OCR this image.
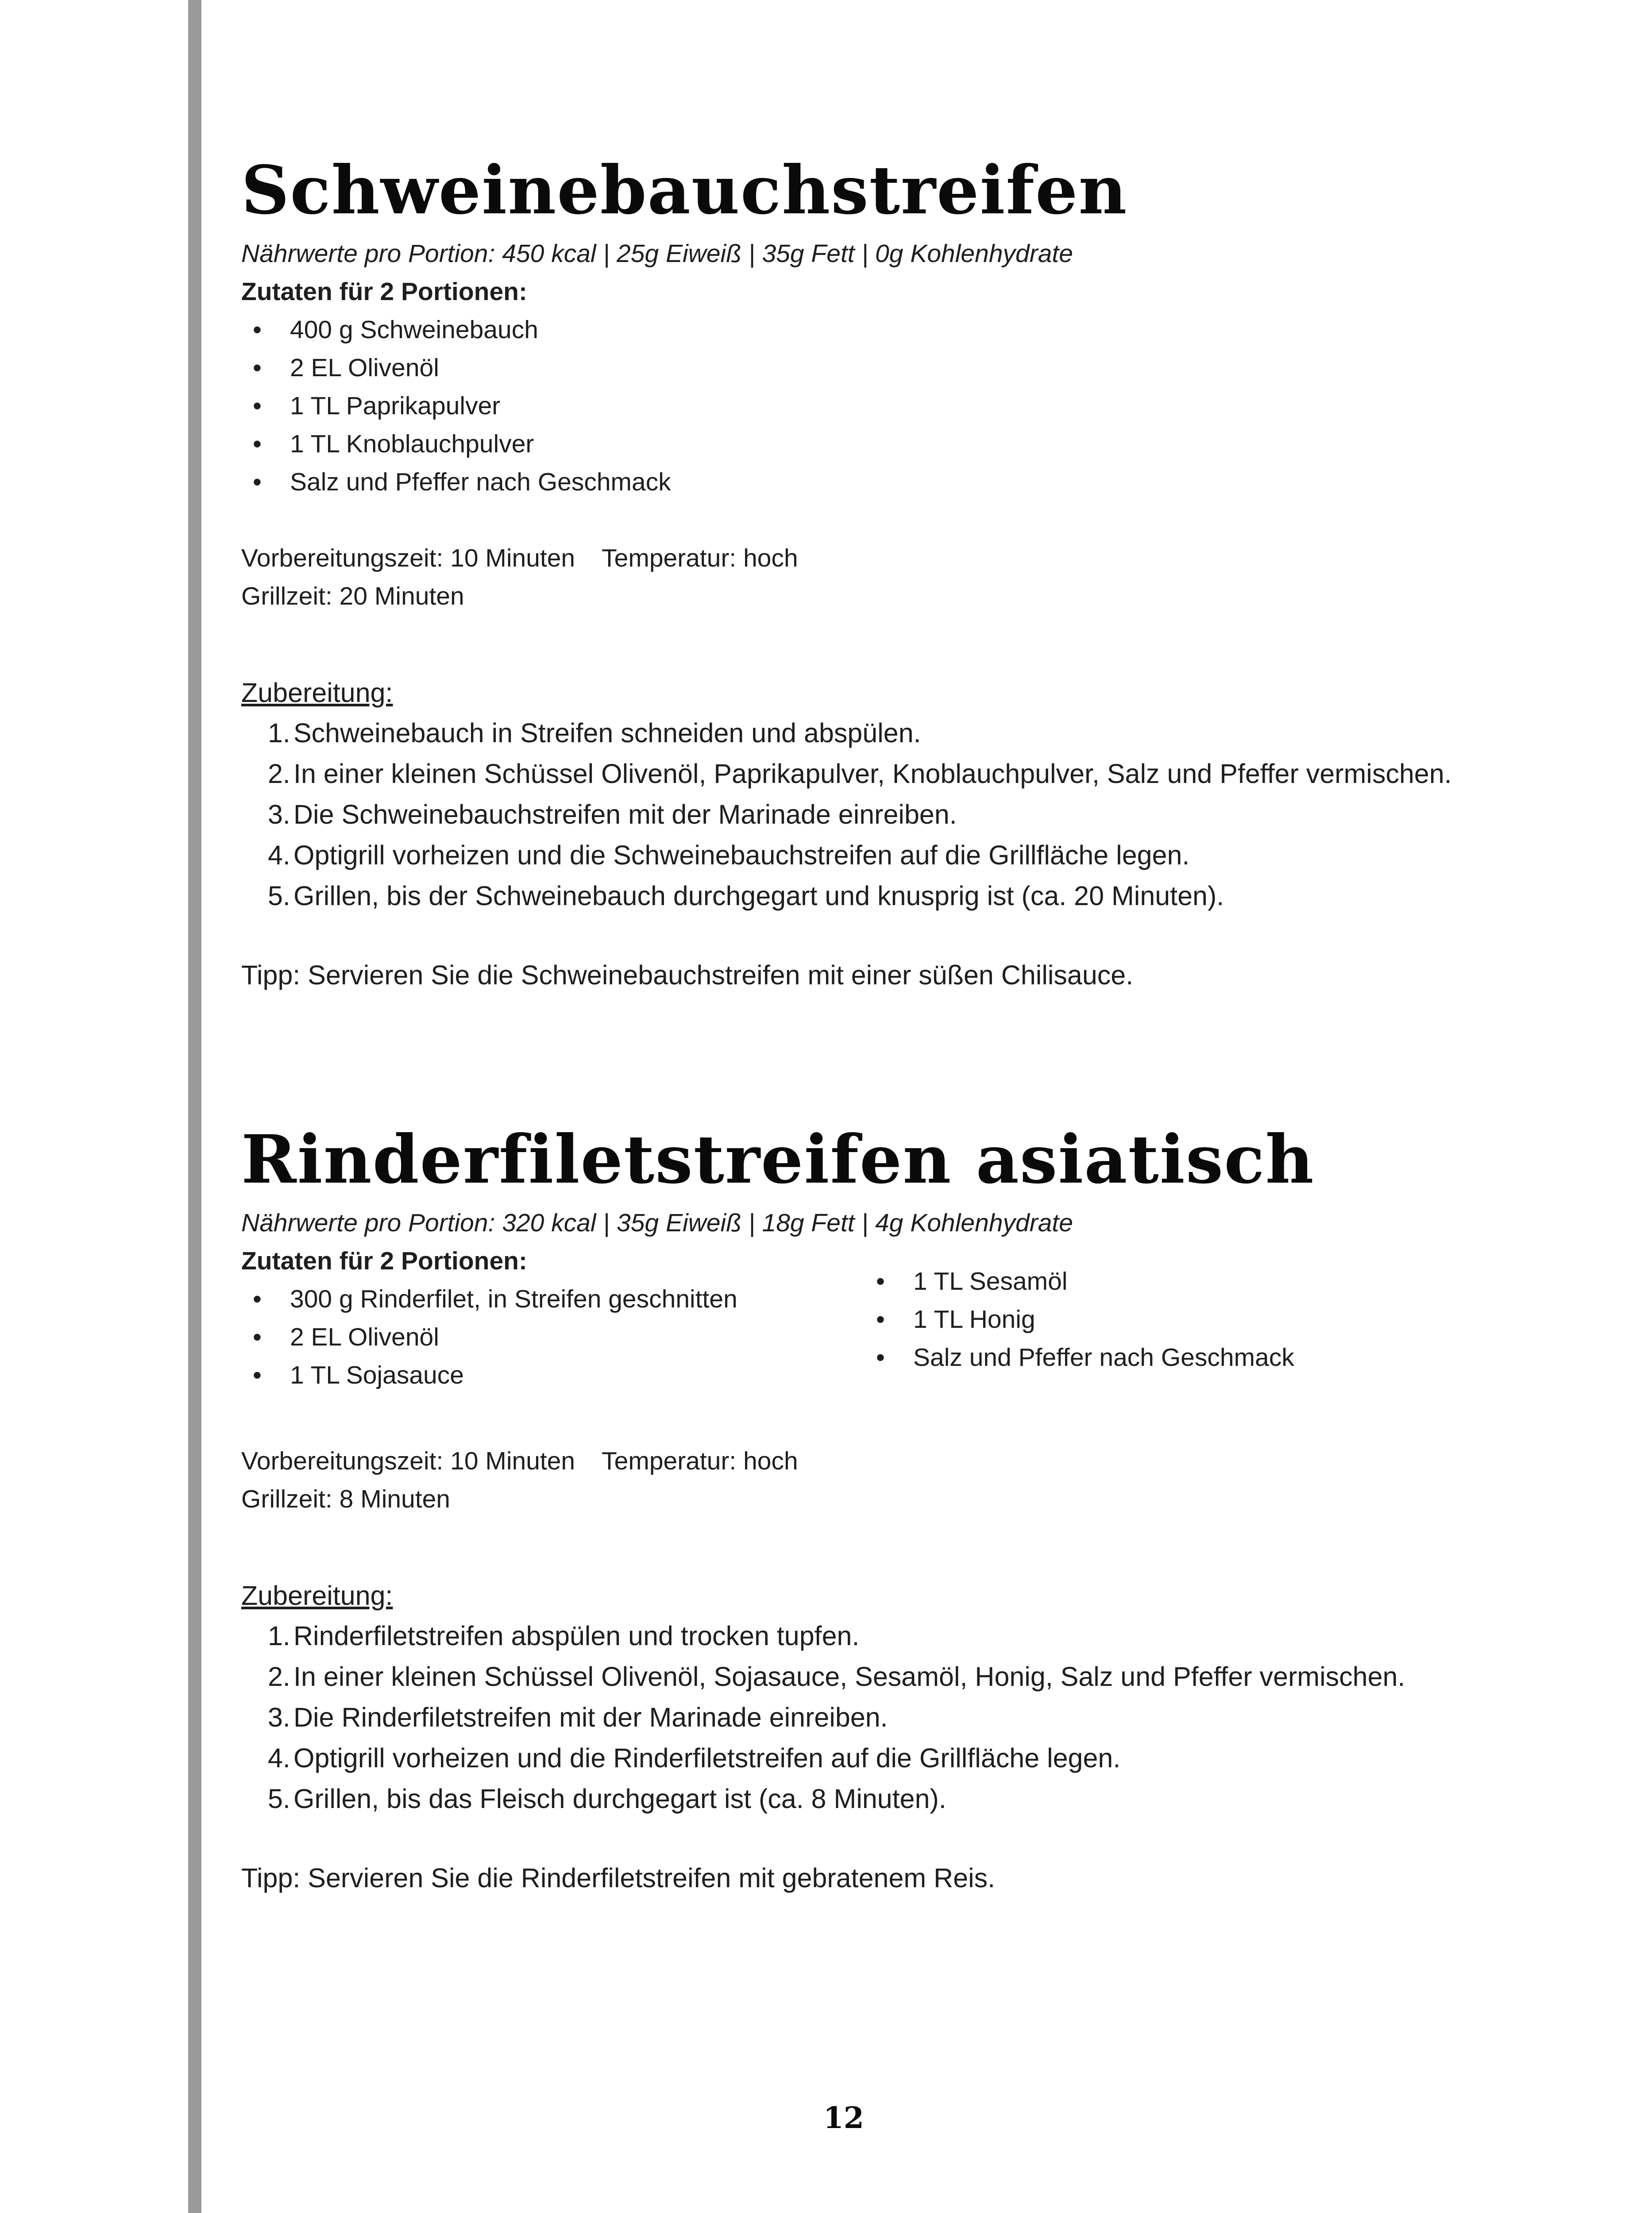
Schweinebauchstreifen
Nährwerte pro Portion: 450 kcal | 25g Eiweiß | 35g Fett | 0g Kohlenhydrate
Zutaten für 2 Portionen:
• 400 g Schweinebauch
• 2 EL Olivenöl
• 1 TL Paprikapulver
• 1 TL Knoblauchpulver
• Salz und Pfeffer nach Geschmack
Vorbereitungszeit: 10 Minuten Temperatur: hoch
Grillzeit: 20 Minuten
Zubereitung:
1. Schweinebauch in Streifen schneiden und abspülen.
2. In einer kleinen Schüssel Olivenöl, Paprikapulver, Knoblauchpulver, Salz und Pfeffer vermischen.
3. Die Schweinebauchstreifen mit der Marinade einreiben.
4. Optigrill vorheizen und die Schweinebauchstreifen auf die Grillfläche legen.
5. Grillen, bis der Schweinebauch durchgegart und knusprig ist (ca. 20 Minuten).
Tipp: Servieren Sie die Schweinebauchstreifen mit einer süßen Chilisauce.
Rinderfiletstreifen asiatisch
Nährwerte pro Portion: 320 kcal | 35g Eiweiß | 18g Fett | 4g Kohlenhydrate
Zutaten für 2 Portionen:
• 300 g Rinderfilet, in Streifen geschnitten
• 2 EL Olivenöl
• 1 TL Sojasauce
• 1 TL Sesamöl
• 1 TL Honig
• Salz und Pfeffer nach Geschmack
Vorbereitungszeit: 10 Minuten Temperatur: hoch
Grillzeit: 8 Minuten
Zubereitung:
1. Rinderfiletstreifen abspülen und trocken tupfen.
2. In einer kleinen Schüssel Olivenöl, Sojasauce, Sesamöl, Honig, Salz und Pfeffer vermischen.
3. Die Rinderfiletstreifen mit der Marinade einreiben.
4. Optigrill vorheizen und die Rinderfiletstreifen auf die Grillfläche legen.
5. Grillen, bis das Fleisch durchgegart ist (ca. 8 Minuten).
Tipp: Servieren Sie die Rinderfiletstreifen mit gebratenem Reis.
12
